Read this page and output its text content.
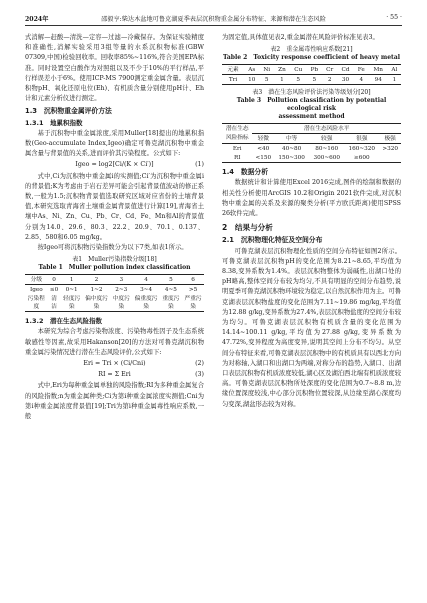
2024年	邵毅亨:柴达木盆地可鲁克湖夏季表层沉积物重金属分布特征、来源和潜在生态风险	· 55 ·

式消解—赶酸—清洗—定容—过滤—冷藏保存。为保证实验精度和准确性,消解实验采用3组等量的水系沉积物标准(GBW 07309,中国)检验回收率。回收率85%~116%,符合美国EPA标准。同时设置空白酸作为对照组以及不少于10%的平行样品,平行样误差小于6%。使用ICP-MS 7900测定重金属含量。表层沉积物pH、氧化还原电位(Eh)、有机质含量分别使用pH计、Eh计和元素分析仪进行测定。

1.3　沉积物重金属评价方法
1.3.1　地累积指数

基于沉积物中重金属浓度,采用Muller[18]提出的地累积指数(Geo-accumulate Index,Igeo)确定可鲁克湖沉积物中重金属含量与背景值的关系,进而评价其污染程度。公式如下:

Igeo = log2[Ci/(K × Ci′)]	(1)

式中,Ci为沉积物中重金属i的实测值;Ci′为沉积物中重金属i的背景值;K为考虑由于岩石差异可能会引起背景值波动的修正系数,一般为1.5;沉积物背景值选取研究区域对应省份的土壤背景值,本研究选取青海省土壤重金属背景值进行计算[19],青海省土壤中As、Ni、Zn、Cu、Pb、Cr、Cd、Fe、Mn和Al的背景值分别为14.0、29.6、80.3、22.2、20.9、70.1、0.137、2.85、580和6.05 mg/kg。

按Igeo可将沉积物污染指数分为以下7类,如表1所示。

表1　Muller污染指数分级[18]
Table 1　Muller pollution index classification
分级	0	1	2	3	4	5	6
Igeo	≤0	0~1	1~2	2~3	3~4	4~5	>5
污染程度	清洁	轻度污染	偏中度污染	中度污染	偏重度污染	重度污染	严重污染
1.3.2　潜在生态风险指数

本研究为综合考虑污染物浓度、污染物毒性因子及生态系统敏感性等因素,故采用Hakanson[20]的方法对可鲁克湖沉积物重金属污染情况进行潜在生态风险评价,公式如下:

Eri = Tri × (Ci/Cni)	(2)
RI = Σ Eri	(3)

式中,Eri为每种重金属单独的风险指数;RI为多种重金属复合的风险指数;n为重金属种类;Ci为第i种重金属浓度实测值;Cni为第i种重金属浓度背景值[19];Tri为第i种重金属毒性响应系数,一般

为固定值,具体值见表2,重金属潜在风险评价标准见表3。

表2　重金属毒性响应系数[21]
Table 2　Toxicity response coefficient of heavy metal
元素	As	Ni	Zn	Cu	Pb	Cr	Cd	Fe	Mn	Al
Tri	10	5	1	5	5	2	30	4	94	1
表3　潜在生态风险评价法污染等级划分[20]
Table 3　Pollution classification by potential ecological risk
assessment method
潜在生态	潜在生态风险水平				
风险指标	轻微	中等	较强	很强	极强
Eri	<40	40~80	80~160	160~320	>320
RI	<150	150~300	300~600	≥600	
1.4　数据分析

数据统计和计算使用Excel 2016完成,图件的绘制和数据的相关性分析使用ArcGIS 10.2和Origin 2021软件完成,对沉积物中重金属的关系及来源的聚类分析(平方欧氏距离)使用SPSS 26软件完成。

2　结果与分析
2.1　沉积物理化特征及空间分布

可鲁克湖表层沉积物理化性质的空间分布特征如图2所示。可鲁克湖表层沉积物pH的变化范围为8.21~8.65,平均值为8.38,变异系数为1.4%。表层沉积物整体为弱碱性,出湖口处的pH略高,整体空间分布较为均匀,不具有明显的空间分布趋势,说明夏季可鲁克湖沉积物环境较为稳定,以自然沉积作用为主。可鲁克湖表层沉积物盐度的变化范围为7.11~19.86 mg/kg,平均值为12.88 g/kg,变异系数为27.4%,表层沉积物盐度的空间分布较为均匀。可鲁克湖表层沉积物有机质含量的变化范围为14.14~100.11 g/kg,平均值为27.88 g/kg,变异系数为47.72%,变异程度为高度变异,说明其空间上分布不均匀。从空间分布特征来看,可鲁克湖表层沉积物中的有机质具有以西北方向为对称轴,入湖口和出湖口为两端,对称分布的趋势,入湖口、出湖口表层沉积物有机质浓度较低,湖心区及湖泊西北端有机质浓度较高。可鲁克湖表层沉积物所处深度的变化范围为0.7~8.8 m,边缘位置深度较浅,中心部分沉积物位置较深,从边缘至湖心深度均匀变深,湖盆形态较为对称。
